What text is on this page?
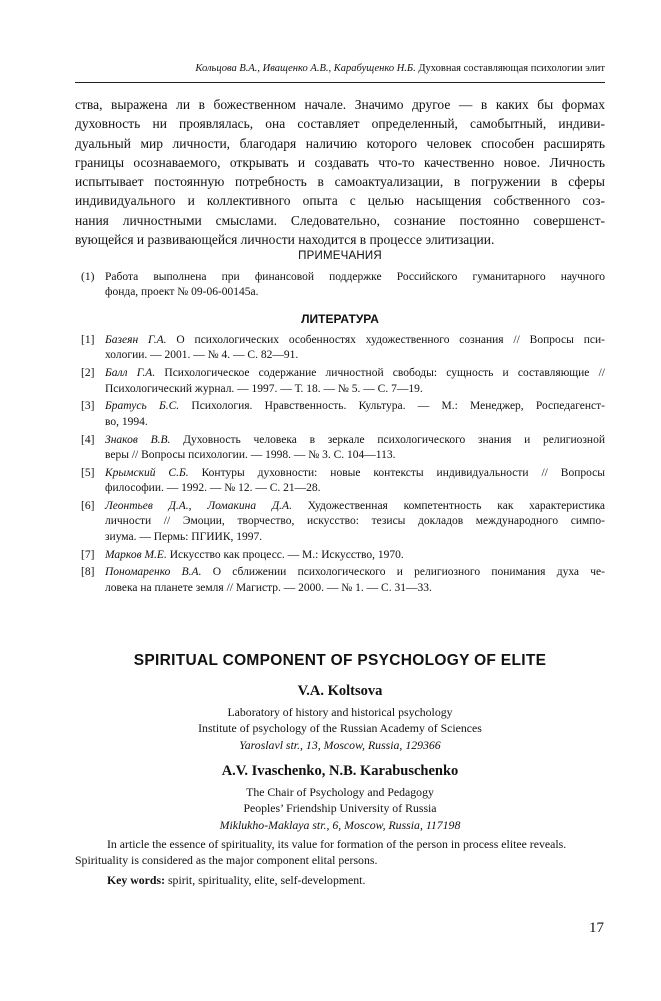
Кольцова В.А., Иващенко А.В., Карабущенко Н.Б. Духовная составляющая психологии элит
ства, выражена ли в божественном начале. Значимо другое — в каких бы формах
духовность ни проявлялась, она составляет определенный, самобытный, индиви-
дуальный мир личности, благодаря наличию которого человек способен расширять
границы осознаваемого, открывать и создавать что-то качественно новое. Личность
испытывает постоянную потребность в самоактуализации, в погружении в сферы
индивидуального и коллективного опыта с целью насыщения собственного соз-
нания личностными смыслами. Следовательно, сознание постоянно совершенст-
вующейся и развивающейся личности находится в процессе элитизации.
ПРИМЕЧАНИЯ
(1) Работа выполнена при финансовой поддержке Российского гуманитарного научного
фонда, проект № 09-06-00145а.
ЛИТЕРАТУРА
[1] Базеян Г.А. О психологических особенностях художественного сознания // Вопросы пси-
хологии. — 2001. — № 4. — С. 82—91.
[2] Балл Г.А. Психологическое содержание личностной свободы: сущность и составляющие //
Психологический журнал. — 1997. — Т. 18. — № 5. — С. 7—19.
[3] Братусь Б.С. Психология. Нравственность. Культура. — М.: Менеджер, Роспедагенст-
во, 1994.
[4] Знаков В.В. Духовность человека в зеркале психологического знания и религиозной
веры // Вопросы психологии. — 1998. — № 3. С. 104—113.
[5] Крымский С.Б. Контуры духовности: новые контексты индивидуальности // Вопросы
философии. — 1992. — № 12. — С. 21—28.
[6] Леонтьев Д.А., Ломакина Д.А. Художественная компетентность как характеристика
личности // Эмоции, творчество, искусство: тезисы докладов международного симпо-
зиума. — Пермь: ПГИИК, 1997.
[7] Марков М.Е. Искусство как процесс. — М.: Искусство, 1970.
[8] Пономаренко В.А. О сближении психологического и религиозного понимания духа че-
ловека на планете земля // Магистр. — 2000. — № 1. — С. 31—33.
SPIRITUAL COMPONENT OF PSYCHOLOGY OF ELITE
V.A. Koltsova
Laboratory of history and historical psychology
Institute of psychology of the Russian Academy of Sciences
Yaroslavl str., 13, Moscow, Russia, 129366
A.V. Ivaschenko, N.B. Karabuschenko
The Chair of Psychology and Pedagogy
Peoples’ Friendship University of Russia
Miklukho-Maklaya str., 6, Moscow, Russia, 117198
In article the essence of spirituality, its value for formation of the person in process elitee reveals.
Spirituality is considered as the major component elital persons.
Key words: spirit, spirituality, elite, self-development.
17
